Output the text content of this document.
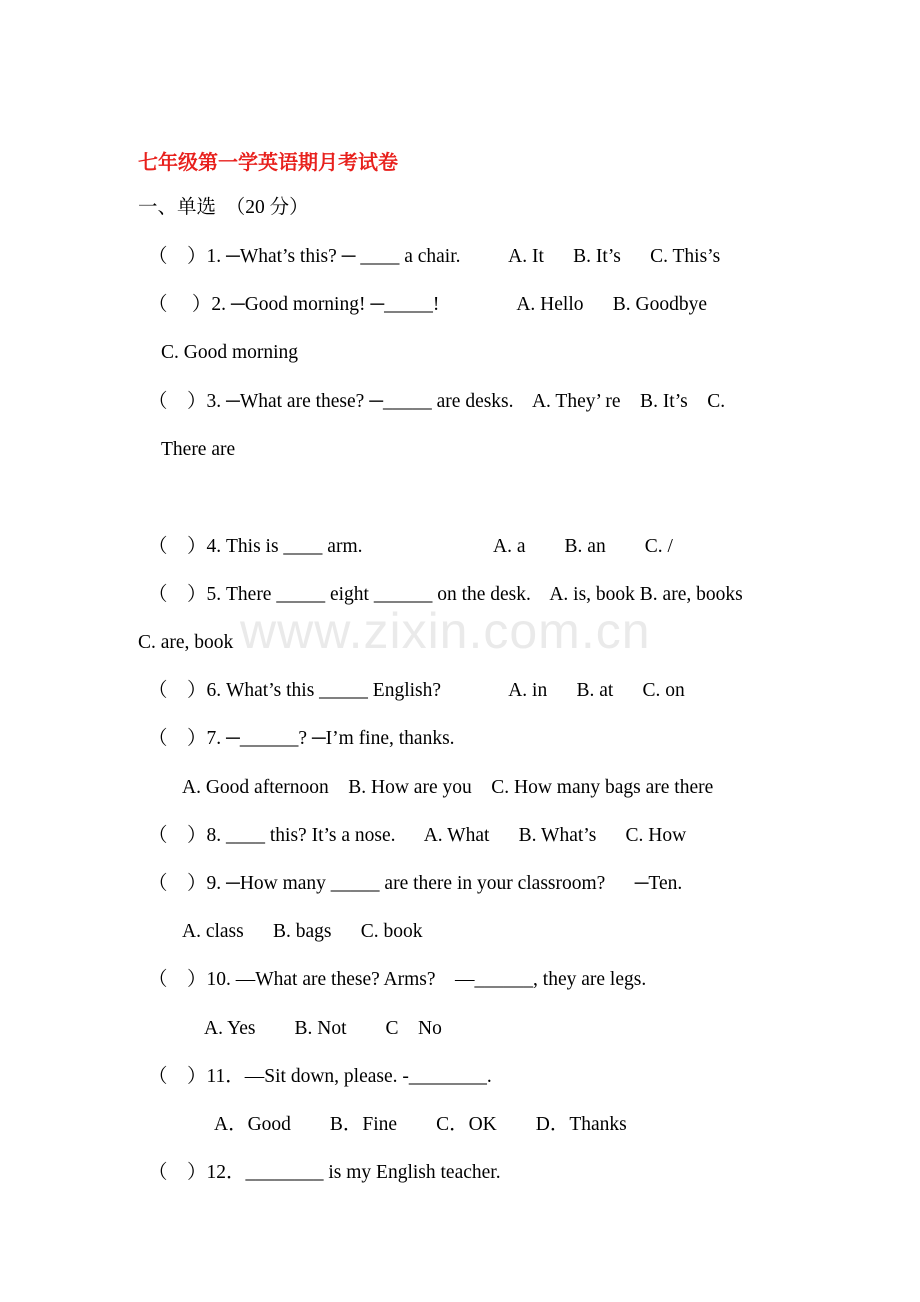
www.zixin.com.cn
七年级第一学英语期月考试卷
一、单选　（20 分）
（　）1. ─What’s this? ─ ____ a chair.          A. It      B. It’s      C. This’s
（　 ）2. ─Good morning! ─_____!                A. Hello      B. Goodbye
C. Good morning
（　）3. ─What are these? ─_____ are desks.    A. They’ re    B. It’s    C.
There are
（　）4. This is ____ arm.                           A. a        B. an        C. /
（　）5. There _____ eight ______ on the desk.    A. is, book B. are, books
C. are, book
（　）6. What’s this _____ English?              A. in      B. at      C. on
（　）7. ─______? ─I’m fine, thanks.
A. Good afternoon    B. How are you    C. How many bags are there
（　）8. ____ this? It’s a nose.      A. What      B. What’s      C. How
（　）9. ─How many _____ are there in your classroom?      ─Ten.
A. class      B. bags      C. book
（　）10. —What are these? Arms?    —______, they are legs.
A. Yes        B. Not        C    No
（　）11．—Sit down, please. -________.
A．Good        B．Fine        C．OK        D．Thanks
（　）12．________ is my English teacher.
